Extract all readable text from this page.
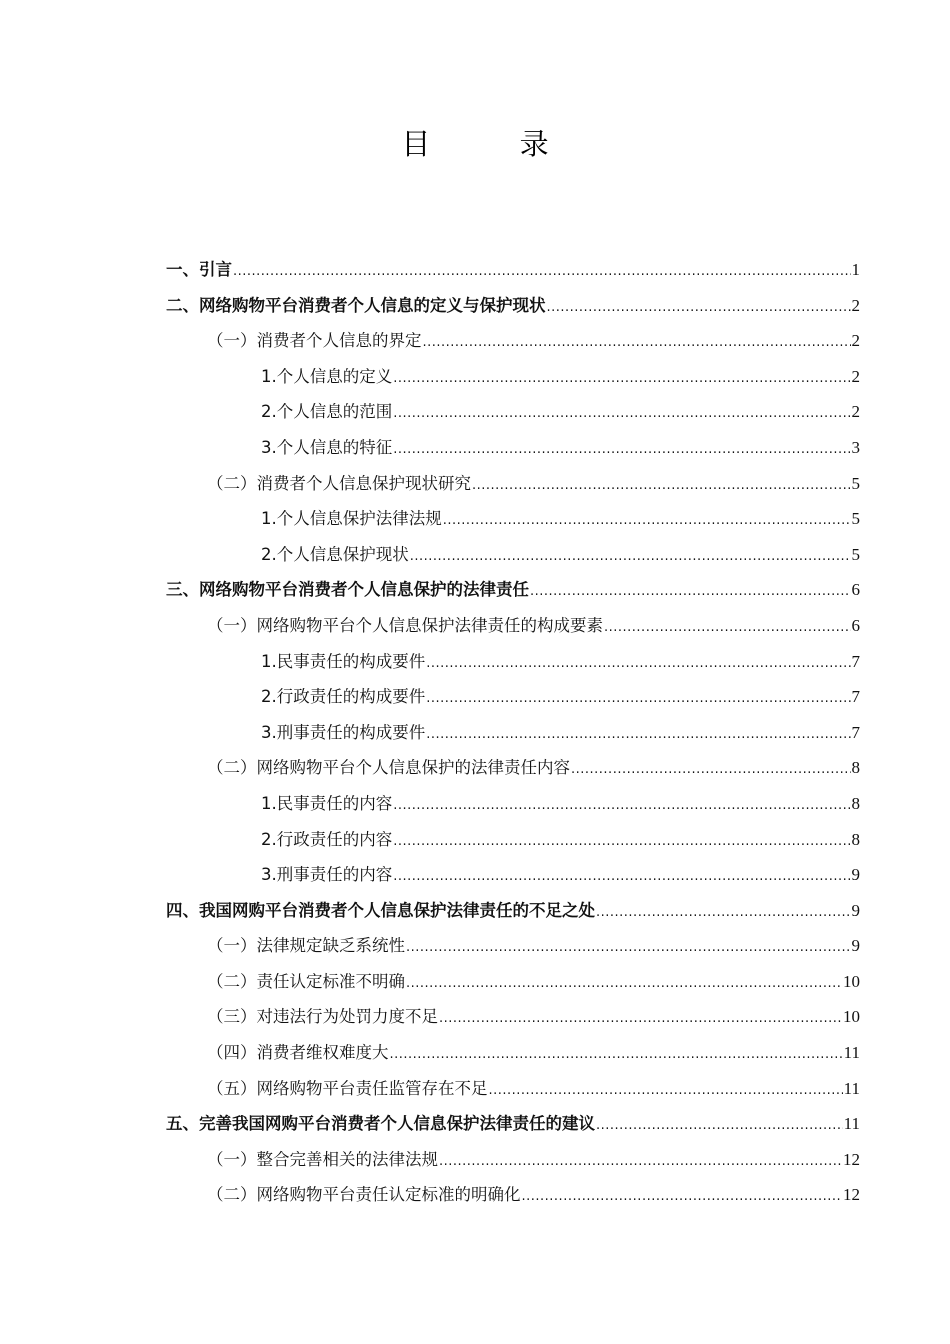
目 录
一、引言 .....	1
二、网络购物平台消费者个人信息的定义与保护现状 .....	2
（一）消费者个人信息的界定 .....	2
1.个人信息的定义 .....	2
2.个人信息的范围 .....	2
3.个人信息的特征 .....	3
（二）消费者个人信息保护现状研究 .....	5
1.个人信息保护法律法规 .....	5
2.个人信息保护现状 .....	5
三、网络购物平台消费者个人信息保护的法律责任 .....	6
（一）网络购物平台个人信息保护法律责任的构成要素 .....	6
1.民事责任的构成要件 .....	7
2.行政责任的构成要件 .....	7
3.刑事责任的构成要件 .....	7
（二）网络购物平台个人信息保护的法律责任内容 .....	8
1.民事责任的内容 .....	8
2.行政责任的内容 .....	8
3.刑事责任的内容 .....	9
四、我国网购平台消费者个人信息保护法律责任的不足之处 .....	9
（一）法律规定缺乏系统性 .....	9
（二）责任认定标准不明确 .....	10
（三）对违法行为处罚力度不足 .....	10
（四）消费者维权难度大 .....	11
（五）网络购物平台责任监管存在不足 .....	11
五、完善我国网购平台消费者个人信息保护法律责任的建议 .....	11
（一）整合完善相关的法律法规 .....	12
（二）网络购物平台责任认定标准的明确化 .....	12
